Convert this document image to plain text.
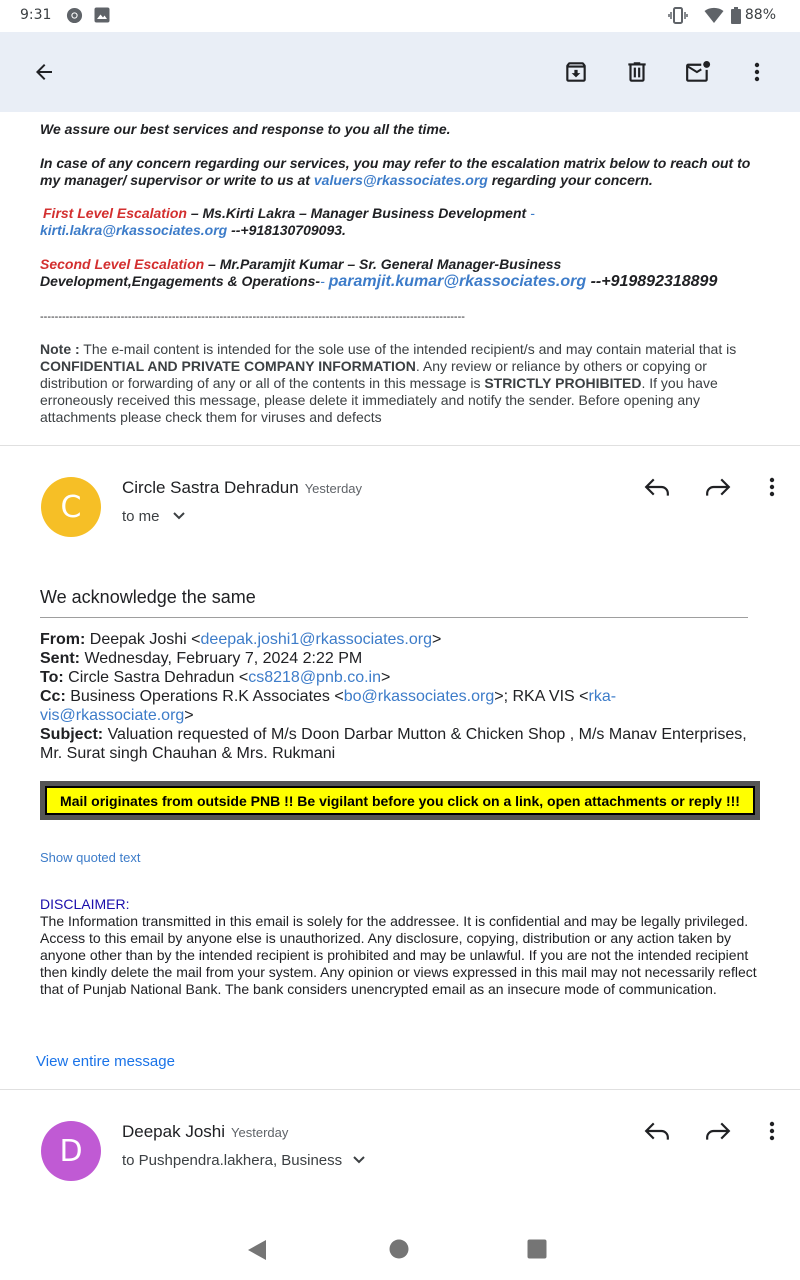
9:31	88%
We assure our best services and response to you all the time.
In case of any concern regarding our services, you may refer to the escalation matrix below to reach out to my manager/ supervisor or write to us at valuers@rkassociates.org regarding your concern.
First Level Escalation – Ms.Kirti Lakra – Manager Business Development - kirti.lakra@rkassociates.org --+918130709093.
Second Level Escalation – Mr.Paramjit Kumar – Sr. General Manager-Business Development,Engagements & Operations-- paramjit.kumar@rkassociates.org --+919892318899
--------------------------------------------------------------------------------------------------------------------
Note : The e-mail content is intended for the sole use of the intended recipient/s and may contain material that is CONFIDENTIAL AND PRIVATE COMPANY INFORMATION. Any review or reliance by others or copying or distribution or forwarding of any or all of the contents in this message is STRICTLY PROHIBITED. If you have erroneously received this message, please delete it immediately and notify the sender. Before opening any attachments please check them for viruses and defects
C
Circle Sastra Dehradun Yesterday
to me
We acknowledge the same
From: Deepak Joshi <deepak.joshi1@rkassociates.org>
Sent: Wednesday, February 7, 2024 2:22 PM
To: Circle Sastra Dehradun <cs8218@pnb.co.in>
Cc: Business Operations R.K Associates <bo@rkassociates.org>; RKA VIS <rka-vis@rkassociate.org>
Subject: Valuation requested of M/s Doon Darbar Mutton & Chicken Shop , M/s Manav Enterprises, Mr. Surat singh Chauhan & Mrs. Rukmani
Mail originates from outside PNB !! Be vigilant before you click on a link, open attachments or reply !!!
Show quoted text
DISCLAIMER:
The Information transmitted in this email is solely for the addressee. It is confidential and may be legally privileged. Access to this email by anyone else is unauthorized. Any disclosure, copying, distribution or any action taken by anyone other than by the intended recipient is prohibited and may be unlawful. If you are not the intended recipient then kindly delete the mail from your system. Any opinion or views expressed in this mail may not necessarily reflect that of Punjab National Bank. The bank considers unencrypted email as an insecure mode of communication.
View entire message
D
Deepak Joshi Yesterday
to Pushpendra.lakhera, Business
